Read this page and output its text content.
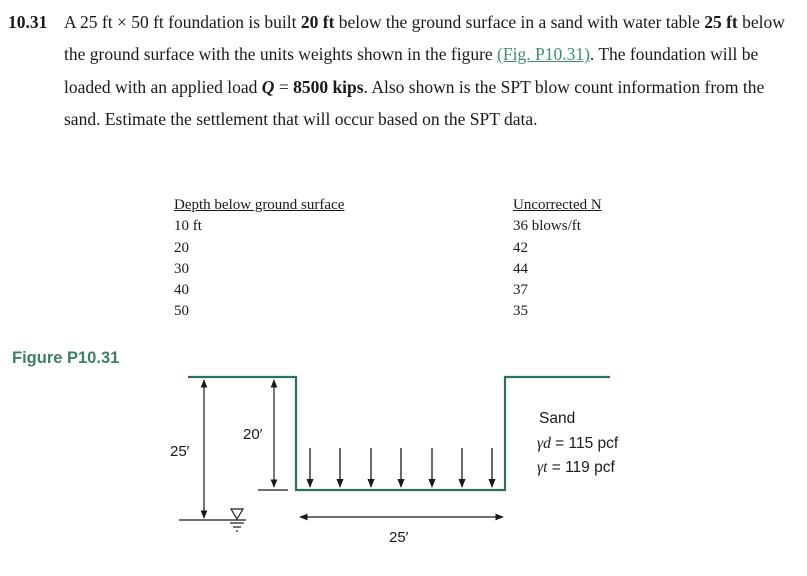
10.31 A 25 ft × 50 ft foundation is built 20 ft below the ground surface in a sand with water table 25 ft below the ground surface with the units weights shown in the figure (Fig. P10.31). The foundation will be loaded with an applied load Q = 8500 kips. Also shown is the SPT blow count information from the sand. Estimate the settlement that will occur based on the SPT data.
Depth below ground surface
10 ft
20
30
40
50
Uncorrected N
36 blows/ft
42
44
37
35
Figure P10.31
25′
20′
25′
Sand
γd = 115 pcf
γt = 119 pcf
